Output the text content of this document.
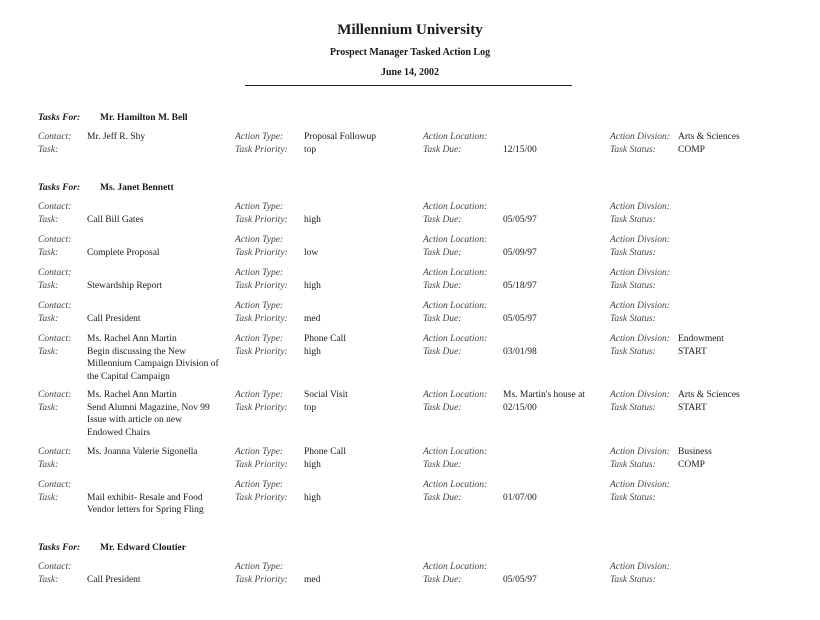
Millennium University
Prospect Manager Tasked Action Log
June 14, 2002
Tasks For: Mr. Hamilton M. Bell
Contact: Mr. Jeff R. Shy	Action Type: Proposal Followup	Action Location:	Action Divsion: Arts & Sciences
Task:	Task Priority: top	Task Due:	12/15/00	Task Status: COMP
Tasks For: Ms. Janet Bennett
Contact:	Action Type:	Action Location:	Action Divsion:
Task:	Call Bill Gates	Task Priority: high	Task Due:	05/05/97	Task Status:
Contact:	Action Type:	Action Location:	Action Divsion:
Task:	Complete Proposal	Task Priority: low	Task Due:	05/09/97	Task Status:
Contact:	Action Type:	Action Location:	Action Divsion:
Task:	Stewardship Report	Task Priority: high	Task Due:	05/18/97	Task Status:
Contact:	Action Type:	Action Location:	Action Divsion:
Task:	Call President	Task Priority: med	Task Due:	05/05/97	Task Status:
Contact: Ms. Rachel Ann Martin	Action Type: Phone Call	Action Location:	Action Divsion: Endowment
Task:	Begin discussing the New
Millennium Campaign Division of
the Capital Campaign
Task Priority: high	Task Due:	03/01/98	Task Status: START
Contact: Ms. Rachel Ann Martin	Action Type: Social Visit	Action Location: Ms. Martin's house at	Action Divsion: Arts & Sciences
Task:	Send Alumni Magazine, Nov 99
Issue with article on new
Endowed Chairs
Task Priority: top	Task Due:	02/15/00	Task Status: START
Contact: Ms. Joanna Valerie Sigonella	Action Type: Phone Call	Action Location:	Action Divsion: Business
Task:	Task Priority: high	Task Due:	Task Status: COMP
Contact:	Action Type:	Action Location:	Action Divsion:
Task:	Mail exhibit- Resale and Food
Vendor letters for Spring Fling
Task Priority: high	Task Due:	01/07/00	Task Status:
Tasks For: Mr. Edward Cloutier
Contact:	Action Type:	Action Location:	Action Divsion:
Task:	Call President	Task Priority: med	Task Due:	05/05/97	Task Status:
